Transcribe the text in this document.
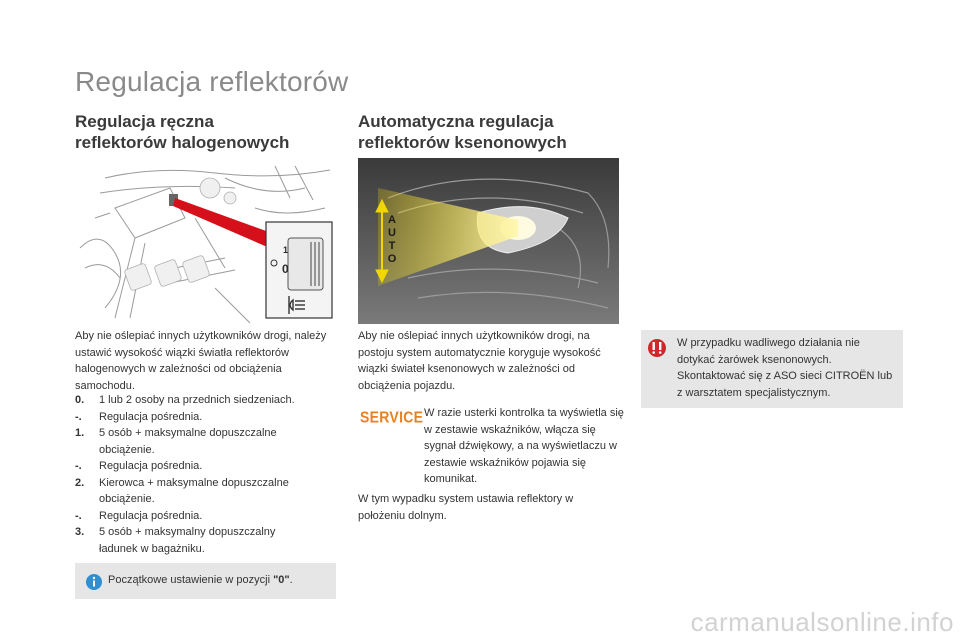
Regulacja reflektorów
Regulacja ręczna
reflektorów halogenowych
1
0
Aby nie oślepiać innych użytkowników drogi, należy ustawić wysokość wiązki światła reflektorów halogenowych w zależności od obciążenia samochodu.
0.	1 lub 2 osoby na przednich siedzeniach.
-.	Regulacja pośrednia.
1.	5 osób + maksymalne dopuszczalne obciążenie.
-.	Regulacja pośrednia.
2.	Kierowca + maksymalne dopuszczalne obciążenie.
-.	Regulacja pośrednia.
3.	5 osób + maksymalny dopuszczalny ładunek w bagażniku.
Początkowe ustawienie w pozycji "0".
Automatyczna regulacja
reflektorów ksenonowych
A
U
T
O
Aby nie oślepiać innych użytkowników drogi, na postoju system automatycznie koryguje wysokość wiązki świateł ksenonowych w zależności od obciążenia pojazdu.
SERVICE W razie usterki kontrolka ta wyświetla się w zestawie wskaźników, włącza się sygnał dźwiękowy, a na wyświetlaczu w zestawie wskaźników pojawia się komunikat.
W tym wypadku system ustawia reflektory w położeniu dolnym.
W przypadku wadliwego działania nie dotykać żarówek ksenonowych. Skontaktować się z ASO sieci CITROËN lub z warsztatem specjalistycznym.
carmanualsonline.info
